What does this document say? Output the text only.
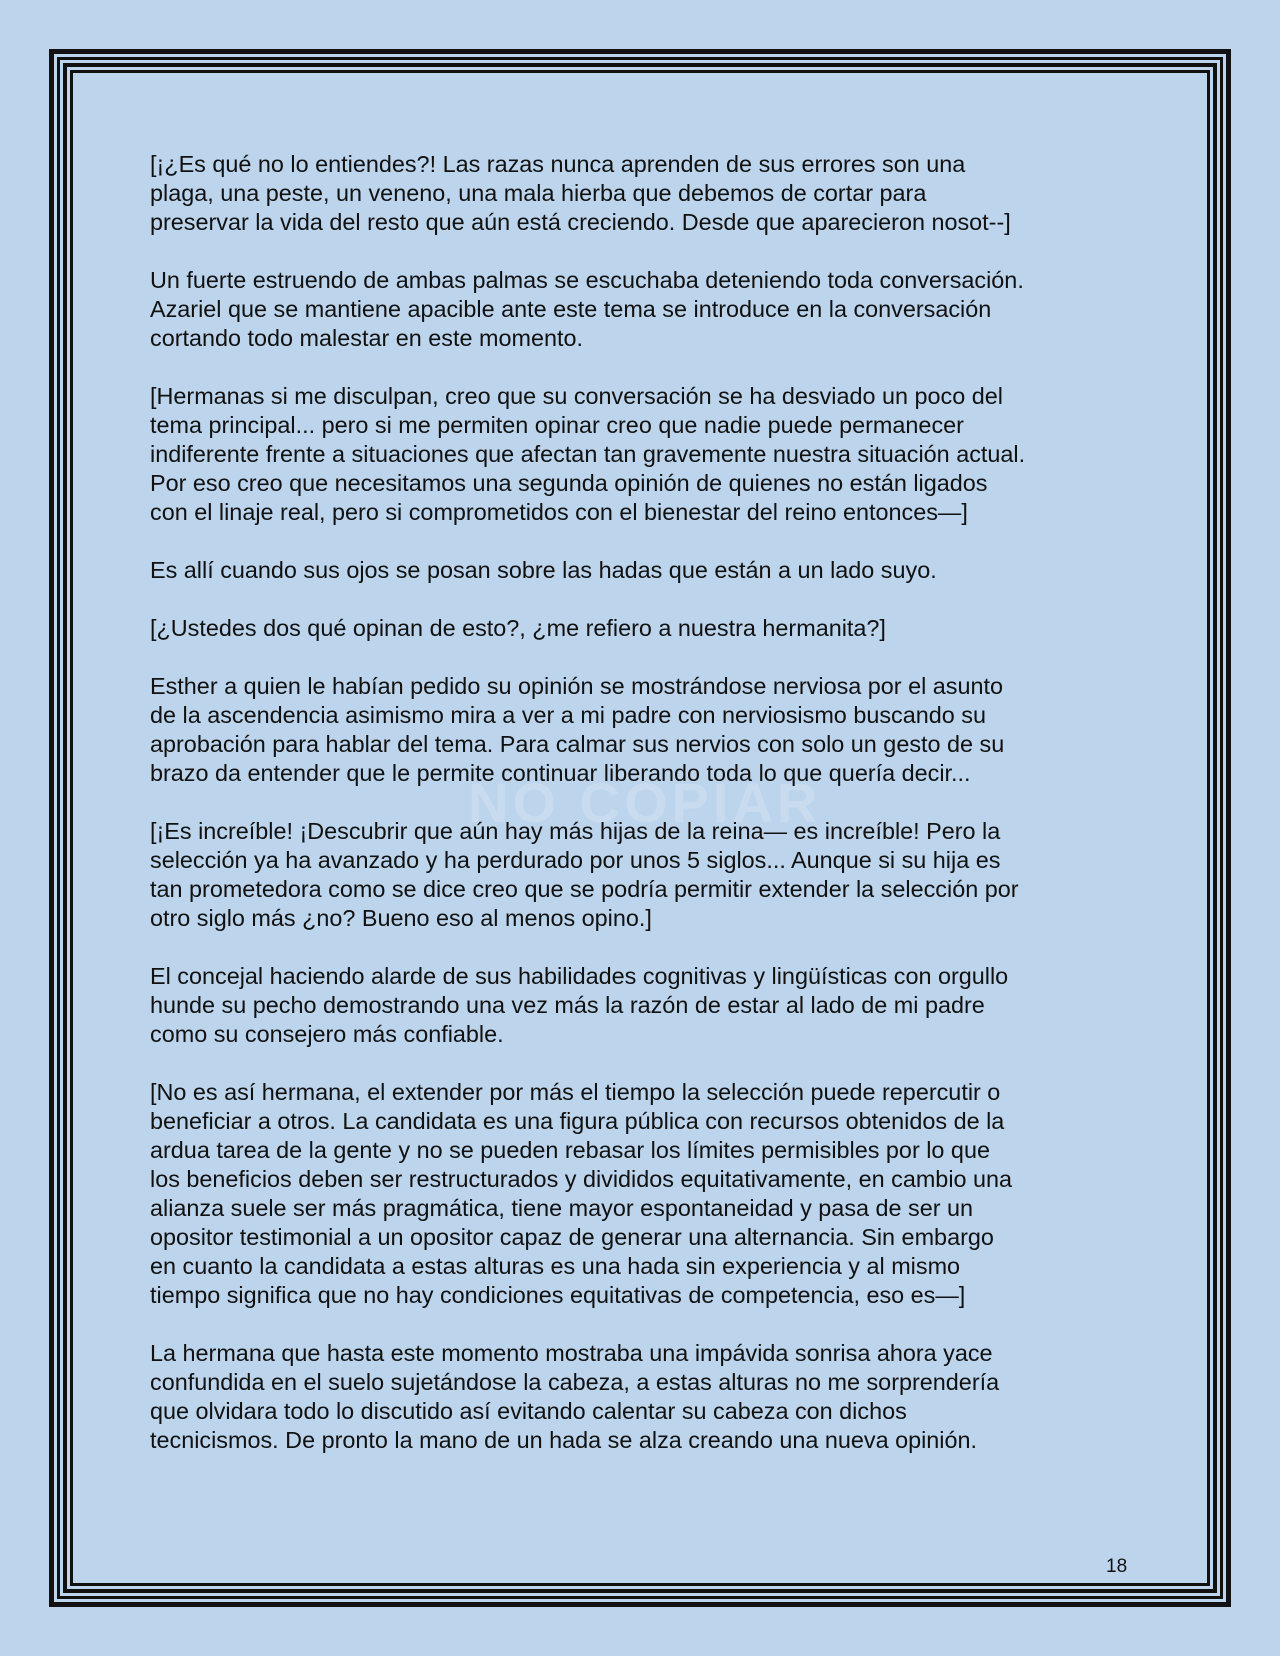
NO COPIAR

[¡¿Es qué no lo entiendes?! Las razas nunca aprenden de sus errores son una
plaga, una peste, un veneno, una mala hierba que debemos de cortar para
preservar la vida del resto que aún está creciendo. Desde que aparecieron nosot--]

Un fuerte estruendo de ambas palmas se escuchaba deteniendo toda conversación.
Azariel que se mantiene apacible ante este tema se introduce en la conversación
cortando todo malestar en este momento.

[Hermanas si me disculpan, creo que su conversación se ha desviado un poco del
tema principal... pero si me permiten opinar creo que nadie puede permanecer
indiferente frente a situaciones que afectan tan gravemente nuestra situación actual.
Por eso creo que necesitamos una segunda opinión de quienes no están ligados
con el linaje real, pero si comprometidos con el bienestar del reino entonces—]

Es allí cuando sus ojos se posan sobre las hadas que están a un lado suyo.

[¿Ustedes dos qué opinan de esto?, ¿me refiero a nuestra hermanita?]

Esther a quien le habían pedido su opinión se mostrándose nerviosa por el asunto
de la ascendencia asimismo mira a ver a mi padre con nerviosismo buscando su
aprobación para hablar del tema. Para calmar sus nervios con solo un gesto de su
brazo da entender que le permite continuar liberando toda lo que quería decir...

[¡Es increíble! ¡Descubrir que aún hay más hijas de la reina— es increíble! Pero la
selección ya ha avanzado y ha perdurado por unos 5 siglos... Aunque si su hija es
tan prometedora como se dice creo que se podría permitir extender la selección por
otro siglo más ¿no? Bueno eso al menos opino.]

El concejal haciendo alarde de sus habilidades cognitivas y lingüísticas con orgullo
hunde su pecho demostrando una vez más la razón de estar al lado de mi padre
como su consejero más confiable.

[No es así hermana, el extender por más el tiempo la selección puede repercutir o
beneficiar a otros. La candidata es una figura pública con recursos obtenidos de la
ardua tarea de la gente y no se pueden rebasar los límites permisibles por lo que
los beneficios deben ser restructurados y divididos equitativamente, en cambio una
alianza suele ser más pragmática, tiene mayor espontaneidad y pasa de ser un
opositor testimonial a un opositor capaz de generar una alternancia. Sin embargo
en cuanto la candidata a estas alturas es una hada sin experiencia y al mismo
tiempo significa que no hay condiciones equitativas de competencia, eso es—]

La hermana que hasta este momento mostraba una impávida sonrisa ahora yace
confundida en el suelo sujetándose la cabeza, a estas alturas no me sorprendería
que olvidara todo lo discutido así evitando calentar su cabeza con dichos
tecnicismos. De pronto la mano de un hada se alza creando una nueva opinión.

18
